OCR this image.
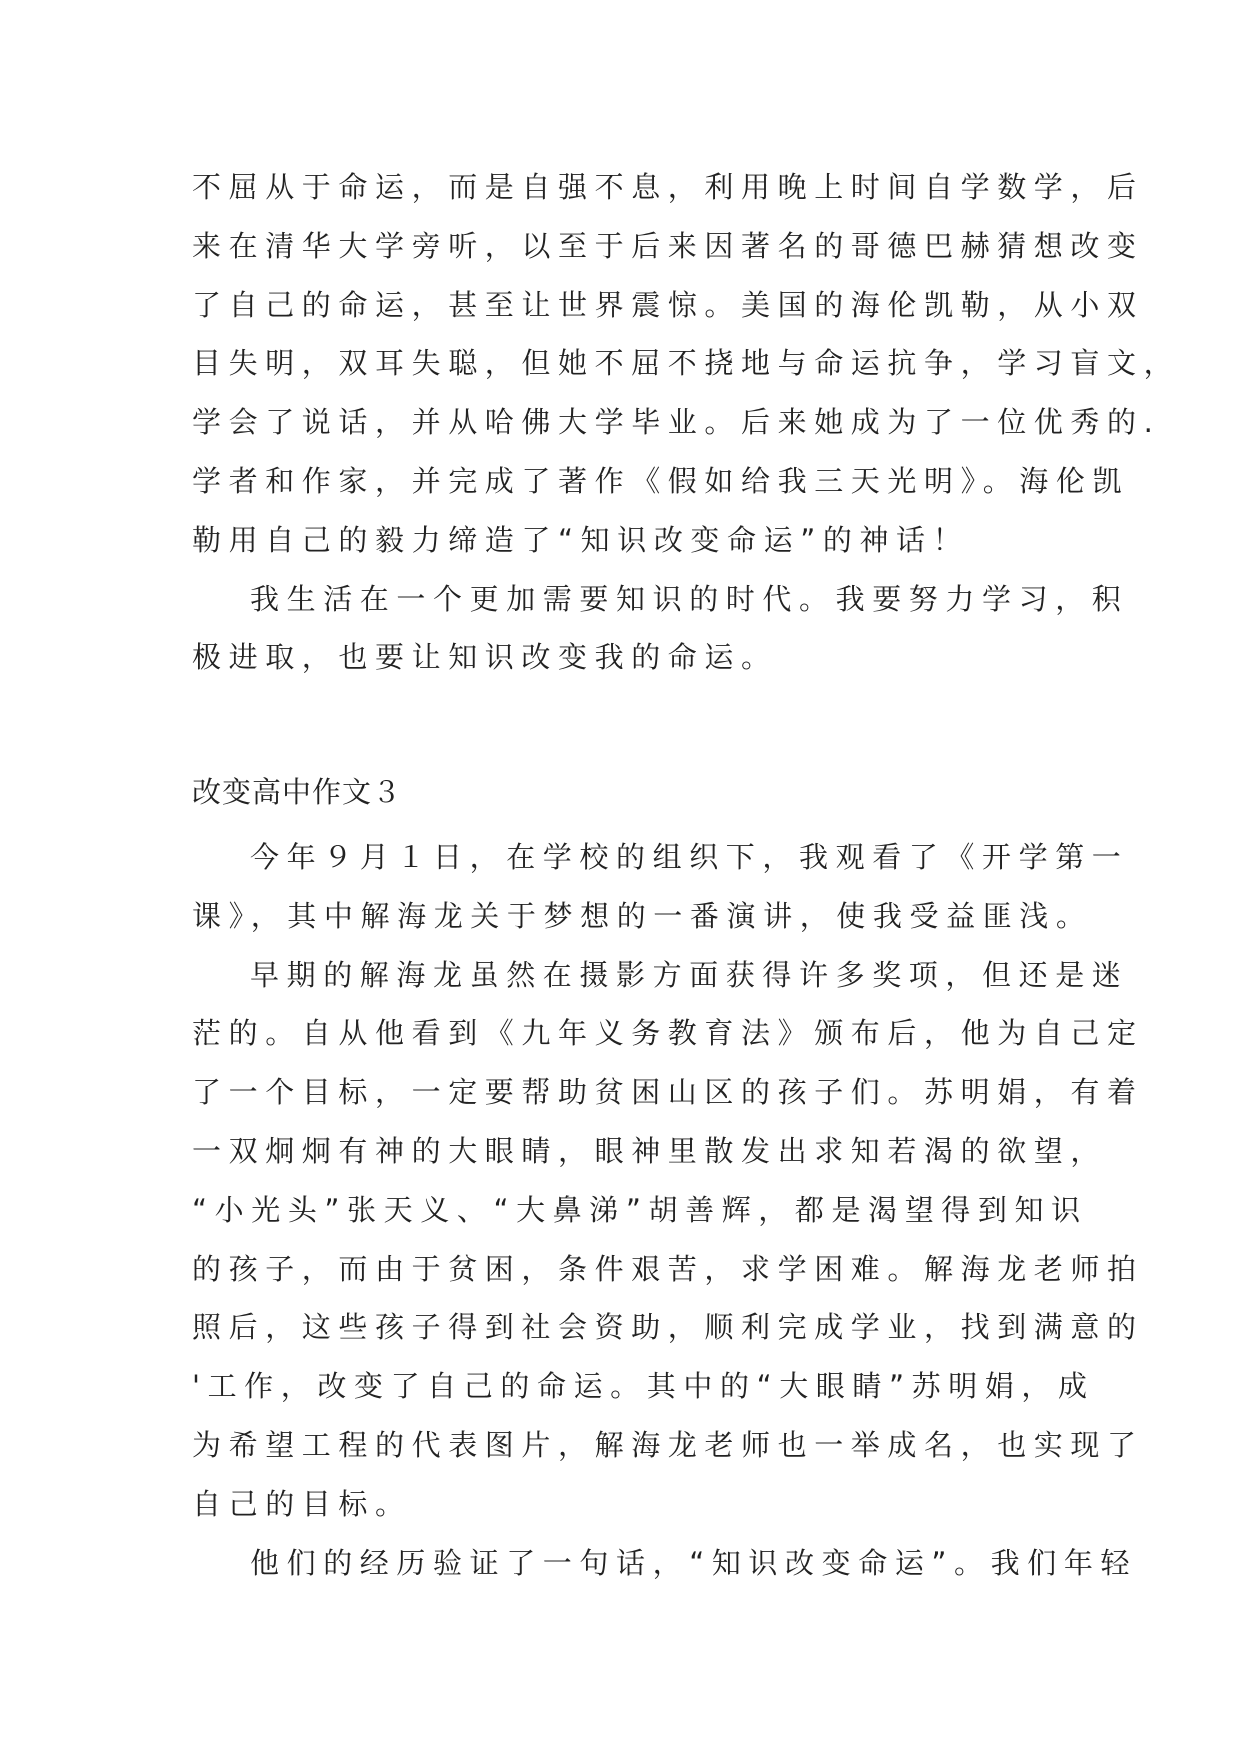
不屈从于命运，而是自强不息，利用晚上时间自学数学，后
来在清华大学旁听，以至于后来因著名的哥德巴赫猜想改变
了自己的命运，甚至让世界震惊。美国的海伦凯勒，从小双
目失明，双耳失聪，但她不屈不挠地与命运抗争，学习盲文，
学会了说话，并从哈佛大学毕业。后来她成为了一位优秀的.
学者和作家，并完成了著作《假如给我三天光明》。海伦凯
勒用自己的毅力缔造了“知识改变命运”的神话！

我生活在一个更加需要知识的时代。我要努力学习，积
极进取，也要让知识改变我的命运。

改变高中作文３

今年９月１日，在学校的组织下，我观看了《开学第一
课》，其中解海龙关于梦想的一番演讲，使我受益匪浅。

早期的解海龙虽然在摄影方面获得许多奖项，但还是迷
茫的。自从他看到《九年义务教育法》颁布后，他为自己定
了一个目标，一定要帮助贫困山区的孩子们。苏明娟，有着
一双炯炯有神的大眼睛，眼神里散发出求知若渴的欲望，
“小光头”张天义、“大鼻涕”胡善辉，都是渴望得到知识
的孩子，而由于贫困，条件艰苦，求学困难。解海龙老师拍
照后，这些孩子得到社会资助，顺利完成学业，找到满意的
'工作，改变了自己的命运。其中的“大眼睛”苏明娟，成
为希望工程的代表图片，解海龙老师也一举成名，也实现了
自己的目标。

他们的经历验证了一句话，“知识改变命运”。我们年轻
